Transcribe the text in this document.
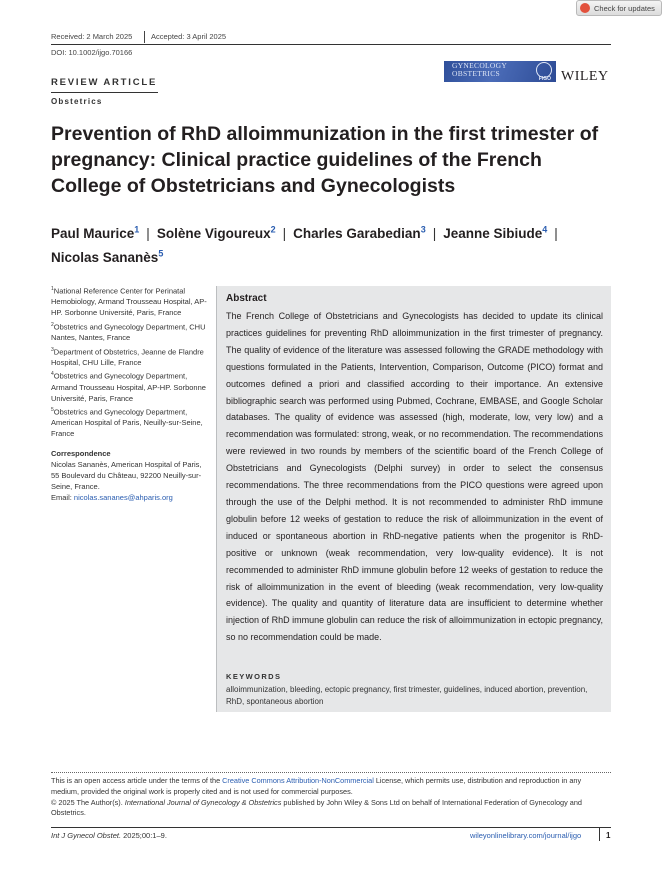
Check for updates
Received: 2 March 2025 Accepted: 3 April 2025
DOI: 10.1002/ijgo.70166
REVIEW ARTICLE
Obstetrics
GYNECOLOGY
OBSTETRICS
FIGO WILEY
Prevention of RhD alloimmunization in the first trimester of pregnancy: Clinical practice guidelines of the French College of Obstetricians and Gynecologists
Paul Maurice$^1$ | Solène Vigoureux$^2$ | Charles Garabedian$^3$ | Jeanne Sibiude$^4$ |
Nicolas Sananès$^5$
$^1$National Reference Center for Perinatal Hemobiology, Armand Trousseau Hospital, AP-HP. Sorbonne Université, Paris, France
$^2$Obstetrics and Gynecology Department, CHU Nantes, Nantes, France
$^3$Department of Obstetrics, Jeanne de Flandre Hospital, CHU Lille, France
$^4$Obstetrics and Gynecology Department, Armand Trousseau Hospital, AP-HP. Sorbonne Université, Paris, France
$^5$Obstetrics and Gynecology Department, American Hospital of Paris, Neuilly-sur-Seine, France
Correspondence
Nicolas Sananès, American Hospital of Paris, 55 Boulevard du Château, 92200 Neuilly-sur-Seine, France.
Email: nicolas.sananes@ahparis.org
Abstract
The French College of Obstetricians and Gynecologists has decided to update its clinical practices guidelines for preventing RhD alloimmunization in the first trimester of pregnancy. The quality of evidence of the literature was assessed following the GRADE methodology with questions formulated in the Patients, Intervention, Comparison, Outcome (PICO) format and outcomes defined a priori and classified according to their importance. An extensive bibliographic search was performed using Pubmed, Cochrane, EMBASE, and Google Scholar databases. The quality of evidence was assessed (high, moderate, low, very low) and a recommendation was formulated: strong, weak, or no recommendation. The recommendations were reviewed in two rounds by members of the scientific board of the French College of Obstetricians and Gynecologists (Delphi survey) in order to select the consensus recommendations. The three recommendations from the PICO questions were agreed upon through the use of the Delphi method. It is not recommended to administer RhD immune globulin before 12 weeks of gestation to reduce the risk of alloimmunization in the event of induced or spontaneous abortion in RhD-negative patients when the progenitor is RhD-positive or unknown (weak recommendation, very low-quality evidence). It is not recommended to administer RhD immune globulin before 12 weeks of gestation to reduce the risk of alloimmunization in the event of bleeding (weak recommendation, very low-quality evidence). The quality and quantity of literature data are insufficient to determine whether injection of RhD immune globulin can reduce the risk of alloimmunization in ectopic pregnancy, so no recommendation could be made.
KEYWORDS
alloimmunization, bleeding, ectopic pregnancy, first trimester, guidelines, induced abortion, prevention, RhD, spontaneous abortion
This is an open access article under the terms of the Creative Commons Attribution-NonCommercial License, which permits use, distribution and reproduction in any medium, provided the original work is properly cited and is not used for commercial purposes.
© 2025 The Author(s). International Journal of Gynecology & Obstetrics published by John Wiley & Sons Ltd on behalf of International Federation of Gynecology and Obstetrics.
Int J Gynecol Obstet. 2025;00:1–9.	wileyonlinelibrary.com/journal/ijgo	1
